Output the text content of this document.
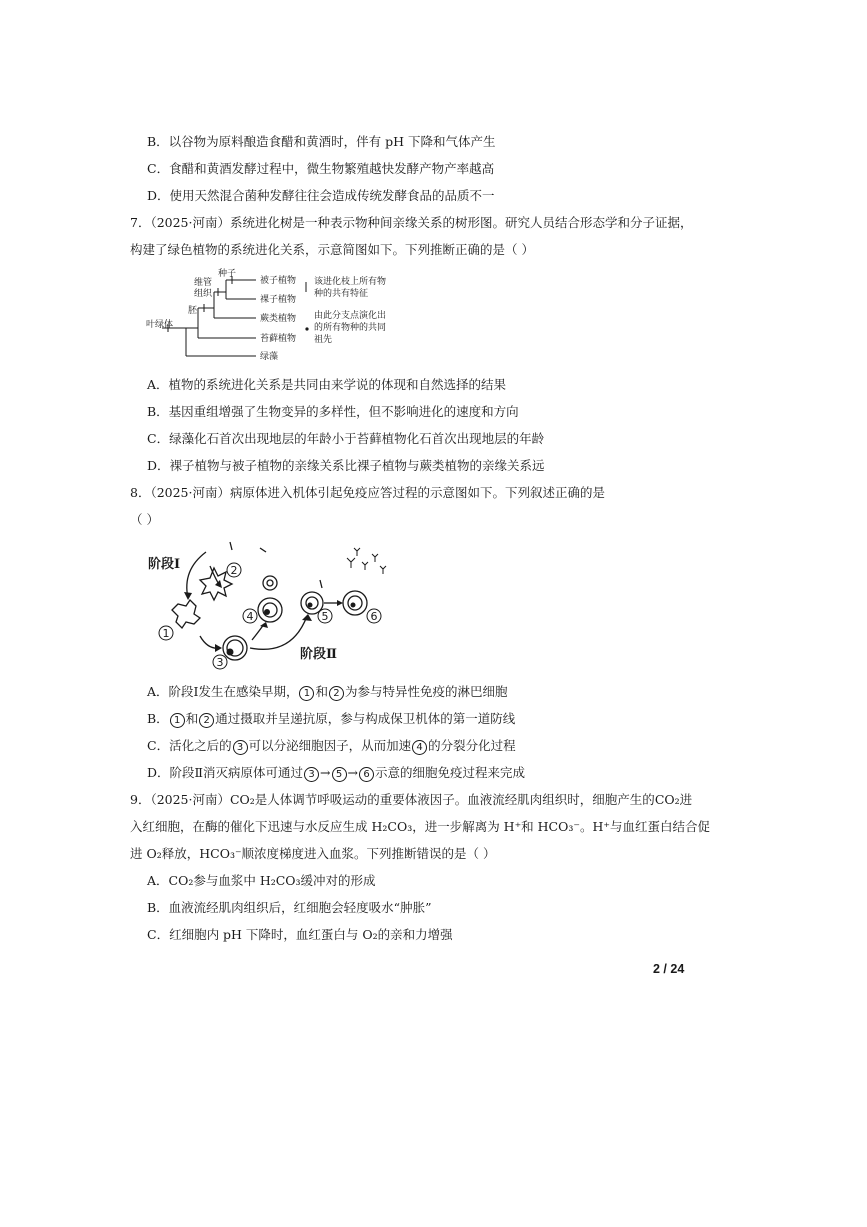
B．以谷物为原料酿造食醋和黄酒时，伴有 pH 下降和气体产生
C．食醋和黄酒发酵过程中，微生物繁殖越快发酵产物产率越高
D．使用天然混合菌种发酵往往会造成传统发酵食品的品质不一
7．（2025·河南）系统进化树是一种表示物种间亲缘关系的树形图。研究人员结合形态学和分子证据，
构建了绿色植物的系统进化关系，示意简图如下。下列推断正确的是（ ）
种子
维管
组织
胚
叶绿体
被子植物
裸子植物
蕨类植物
苔藓植物
绿藻
该进化枝上所有物
种的共有特征
由此分支点演化出
的所有物种的共同
祖先
A．植物的系统进化关系是共同由来学说的体现和自然选择的结果
B．基因重组增强了生物变异的多样性，但不影响进化的速度和方向
C．绿藻化石首次出现地层的年龄小于苔藓植物化石首次出现地层的年龄
D．裸子植物与被子植物的亲缘关系比裸子植物与蕨类植物的亲缘关系远
8．（2025·河南）病原体进入机体引起免疫应答过程的示意图如下。下列叙述正确的是
（ ）
阶段Ⅰ
阶段Ⅱ
1
2
3
4	5	6
A．阶段Ⅰ发生在感染早期， 1 和 2 为参与特异性免疫的淋巴细胞
B． 1 和 2 通过摄取并呈递抗原，参与构成保卫机体的第一道防线
C．活化之后的 3 可以分泌细胞因子，从而加速 4 的分裂分化过程
D．阶段Ⅱ消灭病原体可通过 3 → 5 → 6 示意的细胞免疫过程来完成
9．（2025·河南）CO₂是人体调节呼吸运动的重要体液因子。血液流经肌肉组织时，细胞产生的CO₂进
入红细胞，在酶的催化下迅速与水反应生成 H₂CO₃，进一步解离为 H⁺和 HCO₃⁻。H⁺与血红蛋白结合促
进 O₂释放，HCO₃⁻顺浓度梯度进入血浆。下列推断错误的是（ ）
A．CO₂参与血浆中 H₂CO₃缓冲对的形成
B．血液流经肌肉组织后，红细胞会轻度吸水“肿胀”
C．红细胞内 pH 下降时，血红蛋白与 O₂的亲和力增强
2 / 24
